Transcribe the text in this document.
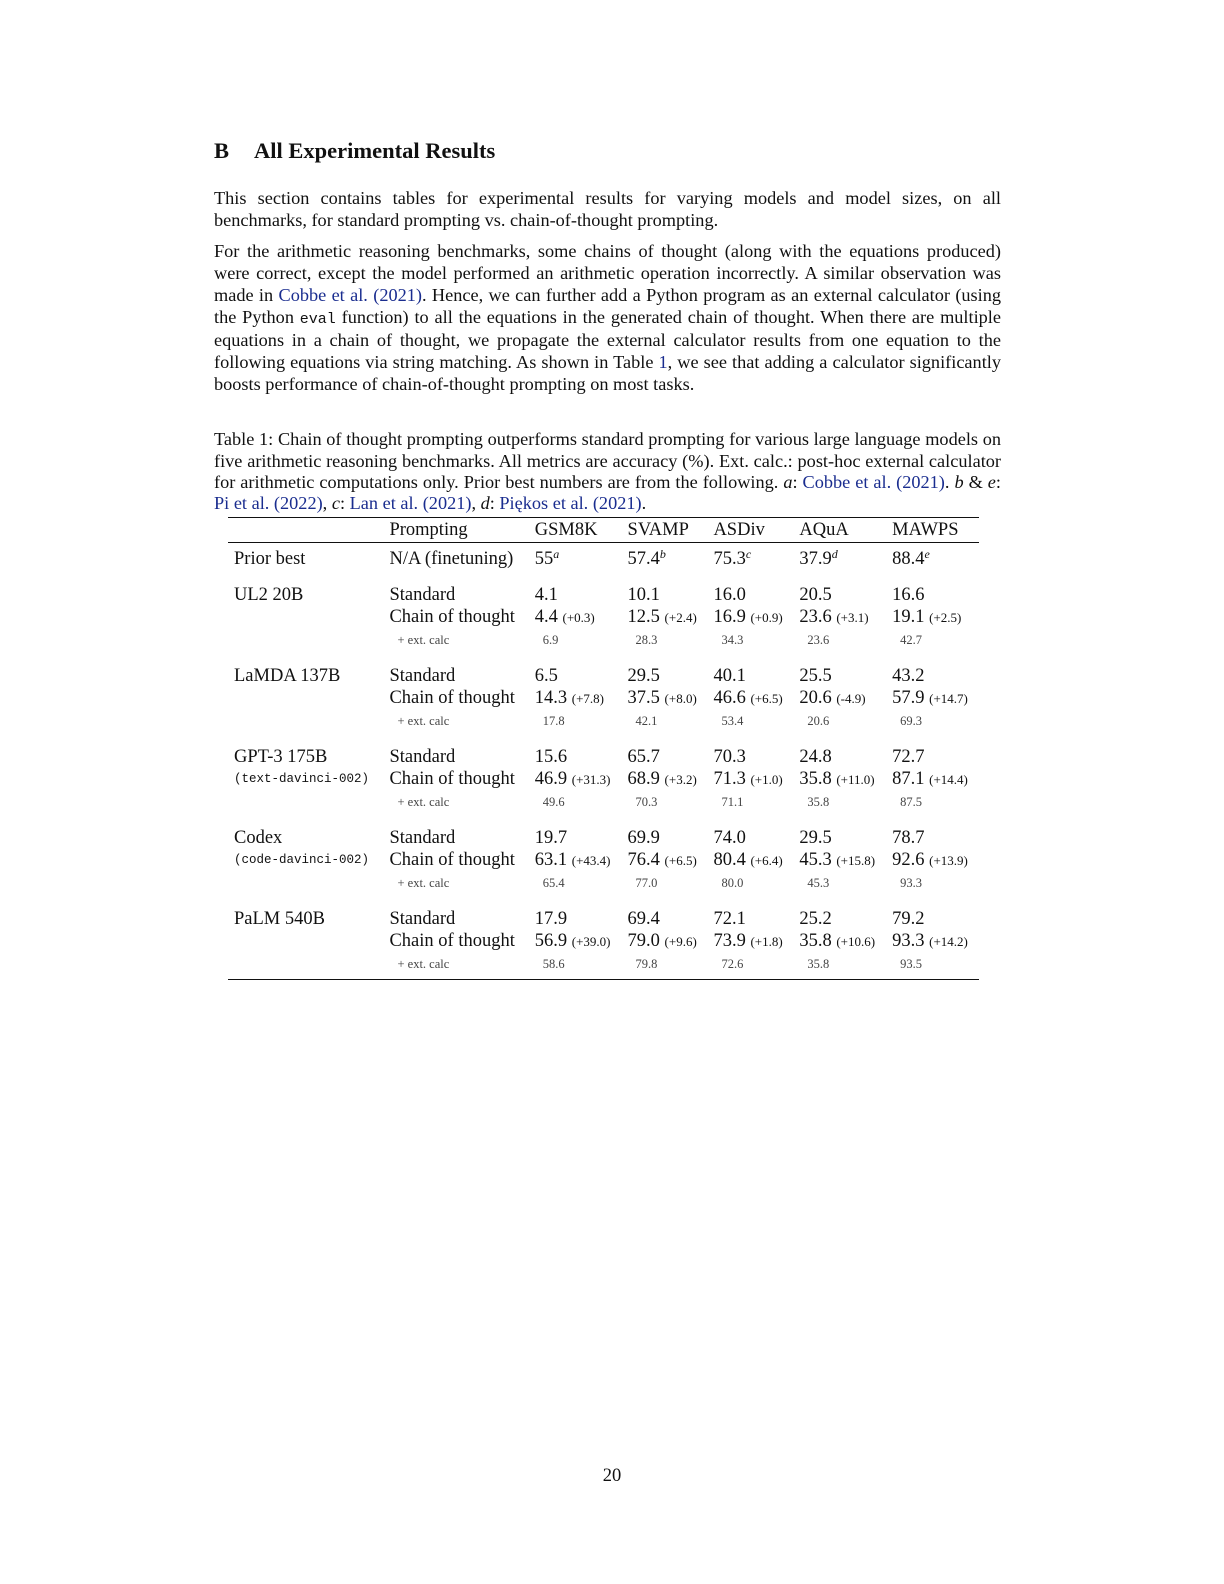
B All Experimental Results

This section contains tables for experimental results for varying models and model sizes, on all benchmarks, for standard prompting vs. chain-of-thought prompting.

For the arithmetic reasoning benchmarks, some chains of thought (along with the equations produced) were correct, except the model performed an arithmetic operation incorrectly. A similar observation was made in Cobbe et al. (2021). Hence, we can further add a Python program as an external calculator (using the Python eval function) to all the equations in the generated chain of thought. When there are multiple equations in a chain of thought, we propagate the external calculator results from one equation to the following equations via string matching. As shown in Table 1, we see that adding a calculator significantly boosts performance of chain-of-thought prompting on most tasks.

Table 1: Chain of thought prompting outperforms standard prompting for various large language models on five arithmetic reasoning benchmarks. All metrics are accuracy (%). Ext. calc.: post-hoc external calculator for arithmetic computations only. Prior best numbers are from the following. a: Cobbe et al. (2021). b & e: Pi et al. (2022), c: Lan et al. (2021), d: Piękos et al. (2021).

	Prompting	GSM8K	SVAMP	ASDiv	AQuA	MAWPS
Prior best	N/A (finetuning)	55$^a$	57.4$^b$	75.3$^c$	37.9$^d$	88.4e
UL2 20B	Standard	4.1	10.1	16.0	20.5	16.6
	Chain of thought	4.4 (+0.3)	12.5 (+2.4)	16.9 (+0.9)	23.6 (+3.1)	19.1 (+2.5)
	+ ext. calc	6.9	28.3	34.3	23.6	42.7
LaMDA 137B	Standard	6.5	29.5	40.1	25.5	43.2
	Chain of thought	14.3 (+7.8)	37.5 (+8.0)	46.6 (+6.5)	20.6 (-4.9)	57.9 (+14.7)
	+ ext. calc	17.8	42.1	53.4	20.6	69.3
GPT-3 175B	Standard	15.6	65.7	70.3	24.8	72.7
(text-davinci-002)	Chain of thought	46.9 (+31.3)	68.9 (+3.2)	71.3 (+1.0)	35.8 (+11.0)	87.1 (+14.4)
	+ ext. calc	49.6	70.3	71.1	35.8	87.5
Codex	Standard	19.7	69.9	74.0	29.5	78.7
(code-davinci-002)	Chain of thought	63.1 (+43.4)	76.4 (+6.5)	80.4 (+6.4)	45.3 (+15.8)	92.6 (+13.9)
	+ ext. calc	65.4	77.0	80.0	45.3	93.3
PaLM 540B	Standard	17.9	69.4	72.1	25.2	79.2
	Chain of thought	56.9 (+39.0)	79.0 (+9.6)	73.9 (+1.8)	35.8 (+10.6)	93.3 (+14.2)
	+ ext. calc	58.6	79.8	72.6	35.8	93.5
20
